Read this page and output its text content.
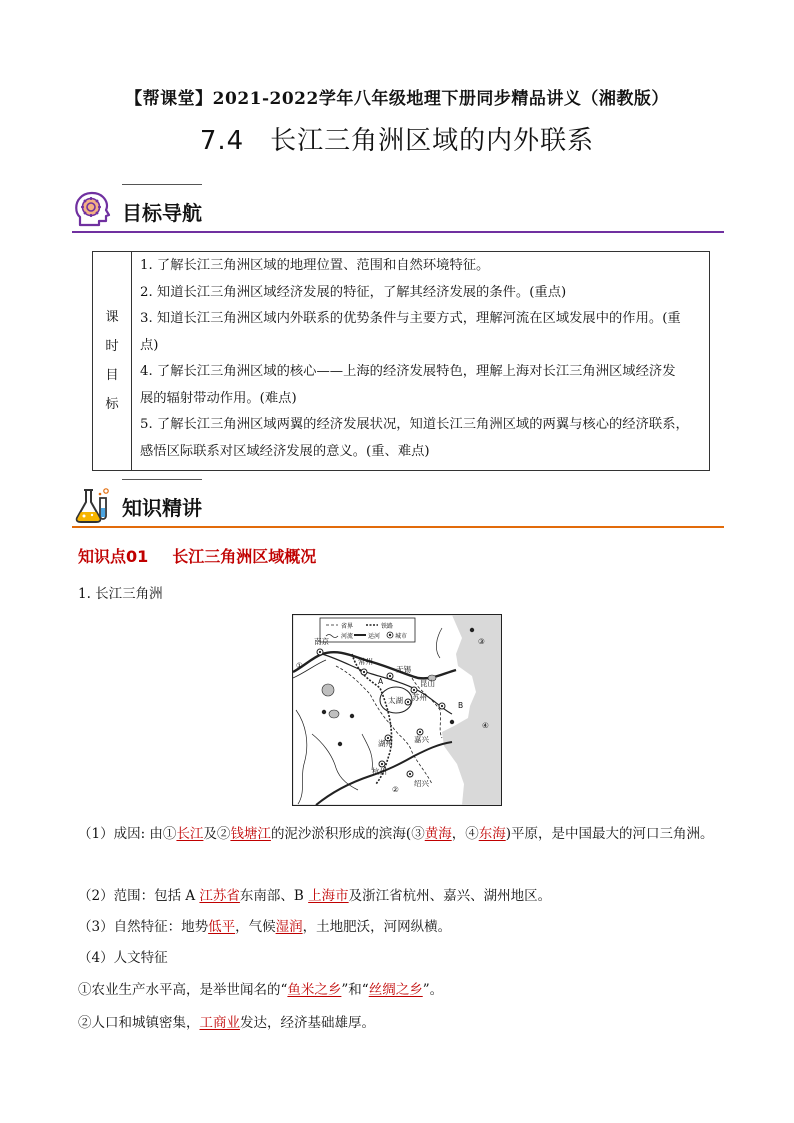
【帮课堂】2021-2022学年八年级地理下册同步精品讲义（湘教版）
7.4 长江三角洲区域的内外联系
目标导航
课
时
目
标

1. 了解长江三角洲区域的地理位置、范围和自然环境特征。

2. 知道长江三角洲区域经济发展的特征，了解其经济发展的条件。(重点)

3. 知道长江三角洲区域内外联系的优势条件与主要方式，理解河流在区域发展中的作用。(重

点)

4. 了解长江三角洲区域的核心——上海的经济发展特色，理解上海对长江三角洲区域经济发

展的辐射带动作用。(难点)

5. 了解长江三角洲区域两翼的经济发展状况，知道长江三角洲区域的两翼与核心的经济联系，

感悟区际联系对区域经济发展的意义。(重、难点)

知识精讲
知识点01 长江三角洲区域概况
1. 长江三角洲
省界	铁路
河流 运河 城市
南京
常州
无锡
昆山
苏州
太湖
湖州	嘉兴
杭州
绍兴
A
B
①
②
③
④
（1）成因: 由①长江及②钱塘江的泥沙淤积形成的滨海(③黄海，④东海)平原，是中国最大的河口三角洲。
（2）范围：包括 A 江苏省东南部、B 上海市及浙江省杭州、嘉兴、湖州地区。
（3）自然特征：地势低平，气候湿润，土地肥沃，河网纵横。
（4）人文特征
①农业生产水平高，是举世闻名的“鱼米之乡”和“丝绸之乡”。
②人口和城镇密集，工商业发达，经济基础雄厚。
